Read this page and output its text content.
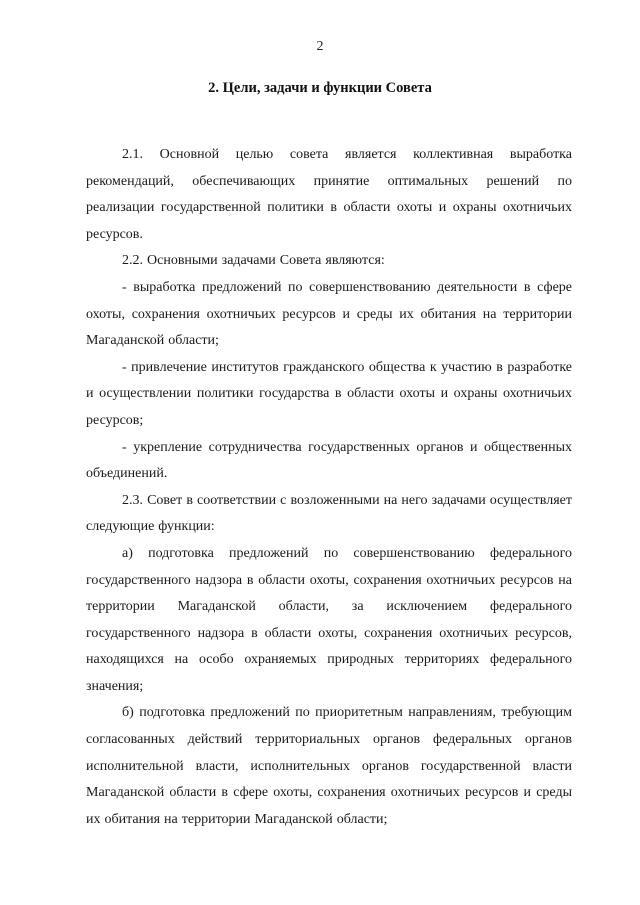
2
2. Цели, задачи и функции Совета

2.1. Основной целью совета является коллективная выработка рекомендаций, обеспечивающих принятие оптимальных решений по реализации государственной политики в области охоты и охраны охотничьих ресурсов.

2.2. Основными задачами Совета являются:

- выработка предложений по совершенствованию деятельности в сфере охоты, сохранения охотничьих ресурсов и среды их обитания на территории Магаданской области;

- привлечение институтов гражданского общества к участию в разработке и осуществлении политики государства в области охоты и охраны охотничьих ресурсов;

- укрепление сотрудничества государственных органов и общественных объединений.

2.3. Совет в соответствии с возложенными на него задачами осуществляет следующие функции:

а) подготовка предложений по совершенствованию федерального государственного надзора в области охоты, сохранения охотничьих ресурсов на территории Магаданской области, за исключением федерального государственного надзора в области охоты, сохранения охотничьих ресурсов, находящихся на особо охраняемых природных территориях федерального значения;

б) подготовка предложений по приоритетным направлениям, требующим согласованных действий территориальных органов федеральных органов исполнительной власти, исполнительных органов государственной власти Магаданской области в сфере охоты, сохранения охотничьих ресурсов и среды их обитания на территории Магаданской области;
